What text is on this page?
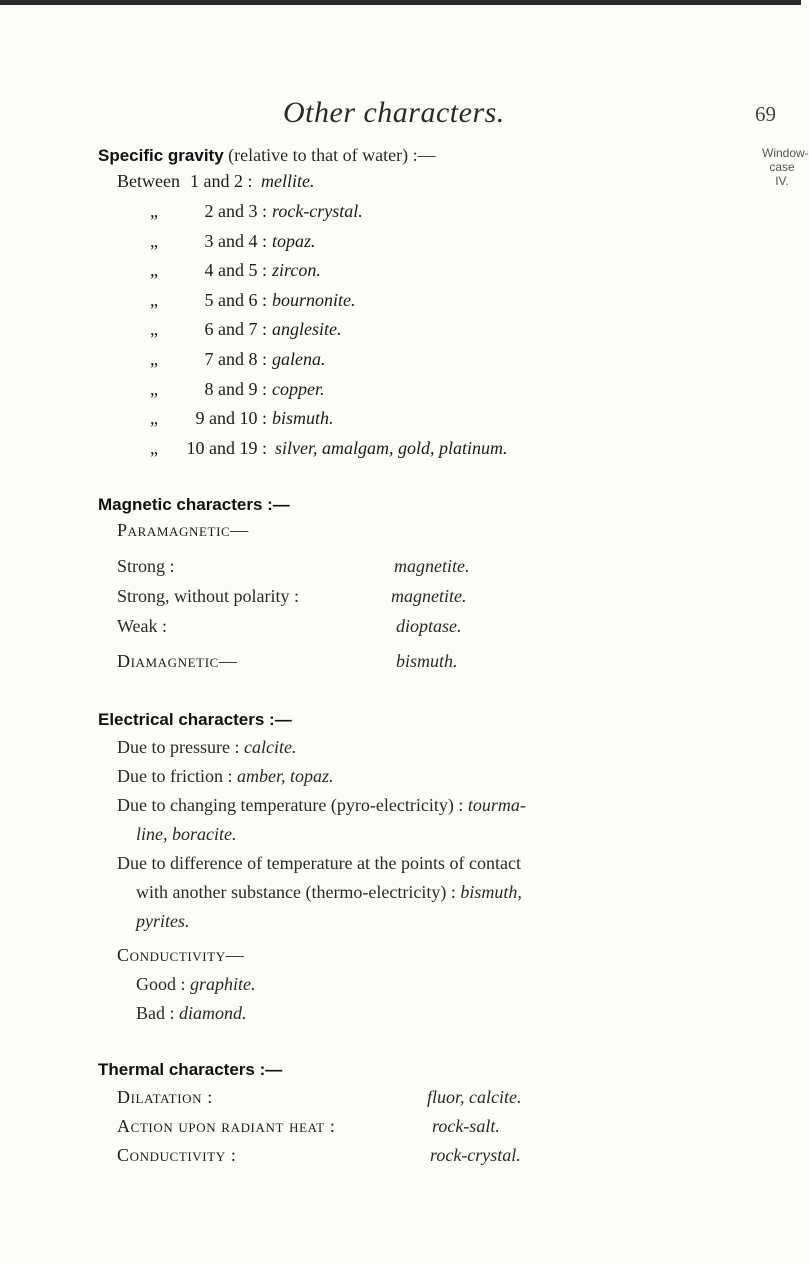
Other characters.	69
Window-
case IV.
Specific gravity (relative to that of water) :—
Between 1 and 2 : mellite.
„	2 and 3 : rock-crystal.
„	3 and 4 : topaz.
„	4 and 5 : zircon.
„	5 and 6 : bournonite.
„	6 and 7 : anglesite.
„	7 and 8 : galena.
„	8 and 9 : copper.
„	9 and 10 : bismuth.
„	10 and 19 : silver, amalgam, gold, platinum.
Magnetic characters :—
Paramagnetic—
Strong :	magnetite.
Strong, without polarity :	magnetite.
Weak :	dioptase.
Diamagnetic—	bismuth.
Electrical characters :—
Due to pressure : calcite.
Due to friction : amber, topaz.
Due to changing temperature (pyro-electricity) : tourma-
line, boracite.
Due to difference of temperature at the points of contact
with another substance (thermo-electricity) : bismuth,
pyrites.
Conductivity—
Good : graphite.
Bad : diamond.
Thermal characters :—
Dilatation :	fluor, calcite.
Action upon radiant heat :	rock-salt.
Conductivity :	rock-crystal.
